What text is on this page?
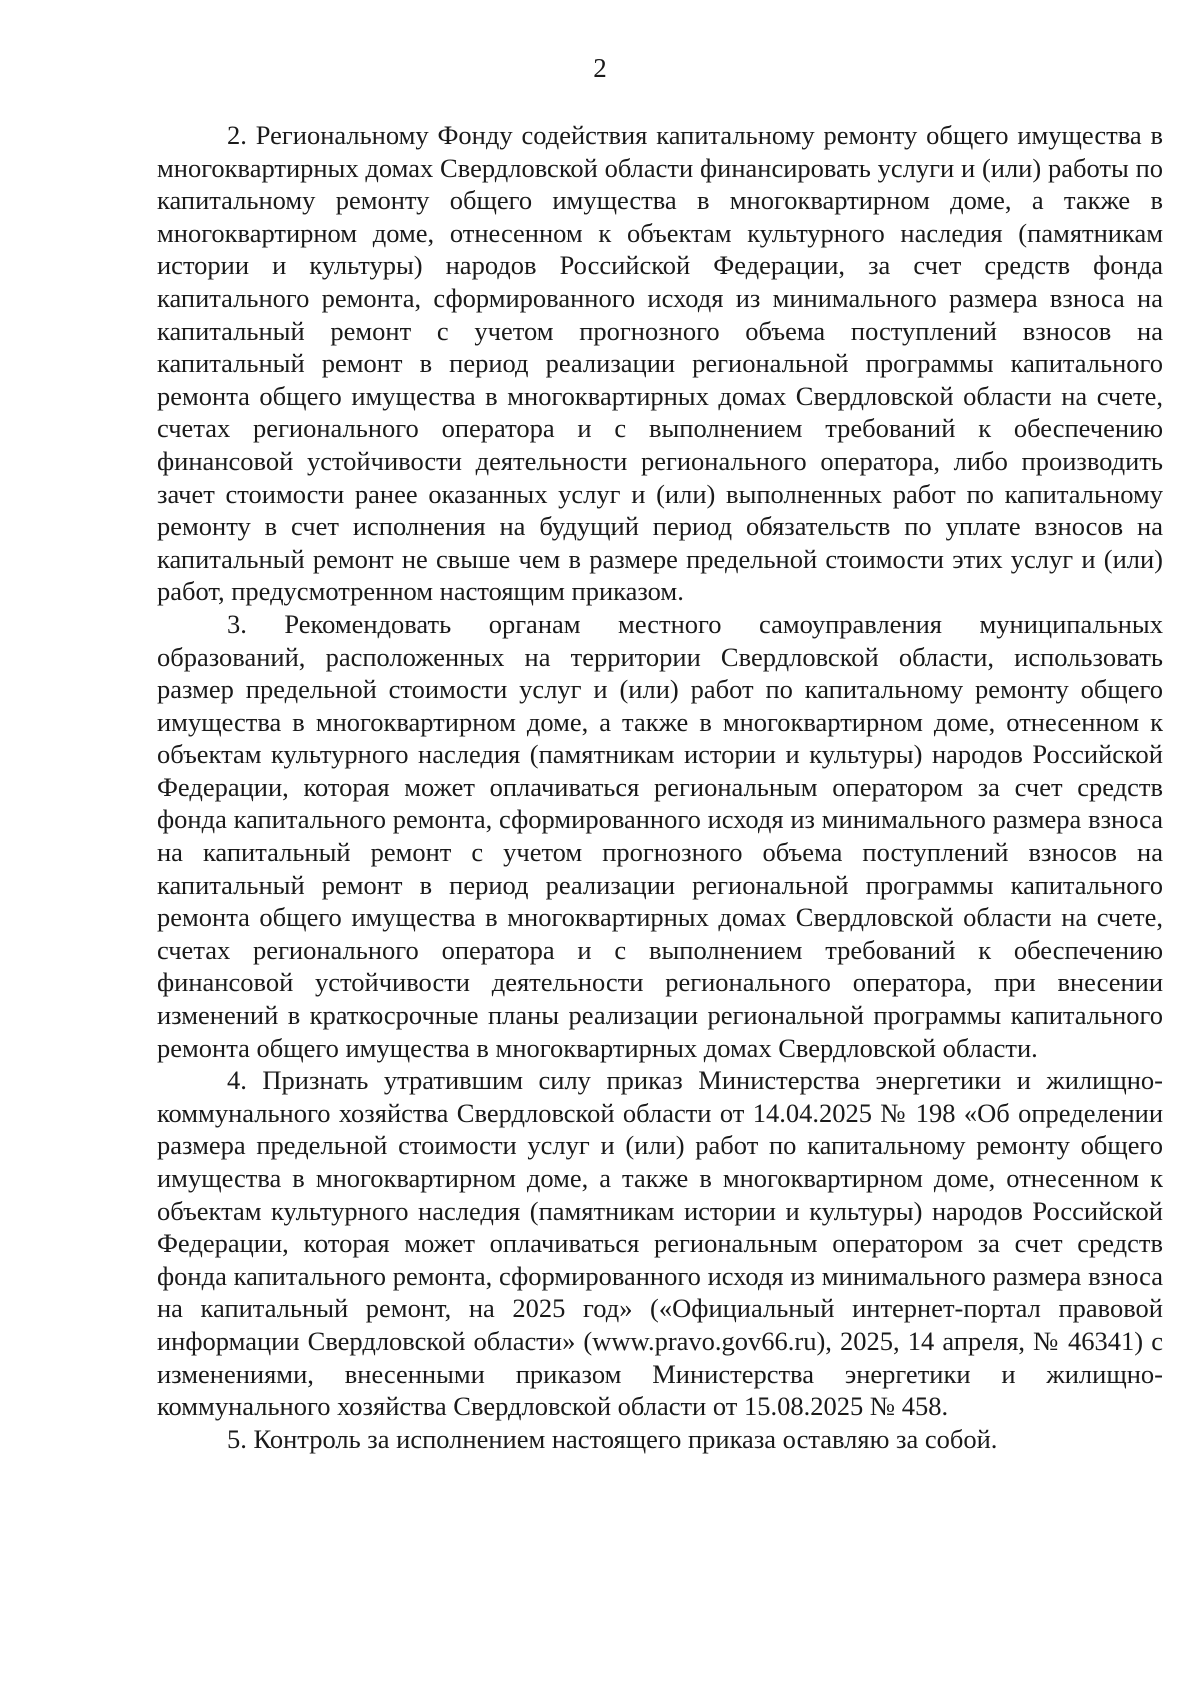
2

2. Региональному Фонду содействия капитальному ремонту общего имущества в многоквартирных домах Свердловской области финансировать услуги и (или) работы по капитальному ремонту общего имущества в многоквартирном доме, а также в многоквартирном доме, отнесенном к объектам культурного наследия (памятникам истории и культуры) народов Российской Федерации, за счет средств фонда капитального ремонта, сформированного исходя из минимального размера взноса на капитальный ремонт с учетом прогнозного объема поступлений взносов на капитальный ремонт в период реализации региональной программы капитального ремонта общего имущества в многоквартирных домах Свердловской области на счете, счетах регионального оператора и с выполнением требований к обеспечению финансовой устойчивости деятельности регионального оператора, либо производить зачет стоимости ранее оказанных услуг и (или) выполненных работ по капитальному ремонту в счет исполнения на будущий период обязательств по уплате взносов на капитальный ремонт не свыше чем в размере предельной стоимости этих услуг и (или) работ, предусмотренном настоящим приказом.

3. Рекомендовать органам местного самоуправления муниципальных образований, расположенных на территории Свердловской области, использовать размер предельной стоимости услуг и (или) работ по капитальному ремонту общего имущества в многоквартирном доме, а также в многоквартирном доме, отнесенном к объектам культурного наследия (памятникам истории и культуры) народов Российской Федерации, которая может оплачиваться региональным оператором за счет средств фонда капитального ремонта, сформированного исходя из минимального размера взноса на капитальный ремонт с учетом прогнозного объема поступлений взносов на капитальный ремонт в период реализации региональной программы капитального ремонта общего имущества в многоквартирных домах Свердловской области на счете, счетах регионального оператора и с выполнением требований к обеспечению финансовой устойчивости деятельности регионального оператора, при внесении изменений в краткосрочные планы реализации региональной программы капитального ремонта общего имущества в многоквартирных домах Свердловской области.

4. Признать утратившим силу приказ Министерства энергетики и жилищно-коммунального хозяйства Свердловской области от 14.04.2025 № 198 «Об определении размера предельной стоимости услуг и (или) работ по капитальному ремонту общего имущества в многоквартирном доме, а также в многоквартирном доме, отнесенном к объектам культурного наследия (памятникам истории и культуры) народов Российской Федерации, которая может оплачиваться региональным оператором за счет средств фонда капитального ремонта, сформированного исходя из минимального размера взноса на капитальный ремонт, на 2025 год» («Официальный интернет-портал правовой информации Свердловской области» (www.pravo.gov66.ru), 2025, 14 апреля, № 46341) с изменениями, внесенными приказом Министерства энергетики и жилищно-коммунального хозяйства Свердловской области от 15.08.2025 № 458.

5. Контроль за исполнением настоящего приказа оставляю за собой.
